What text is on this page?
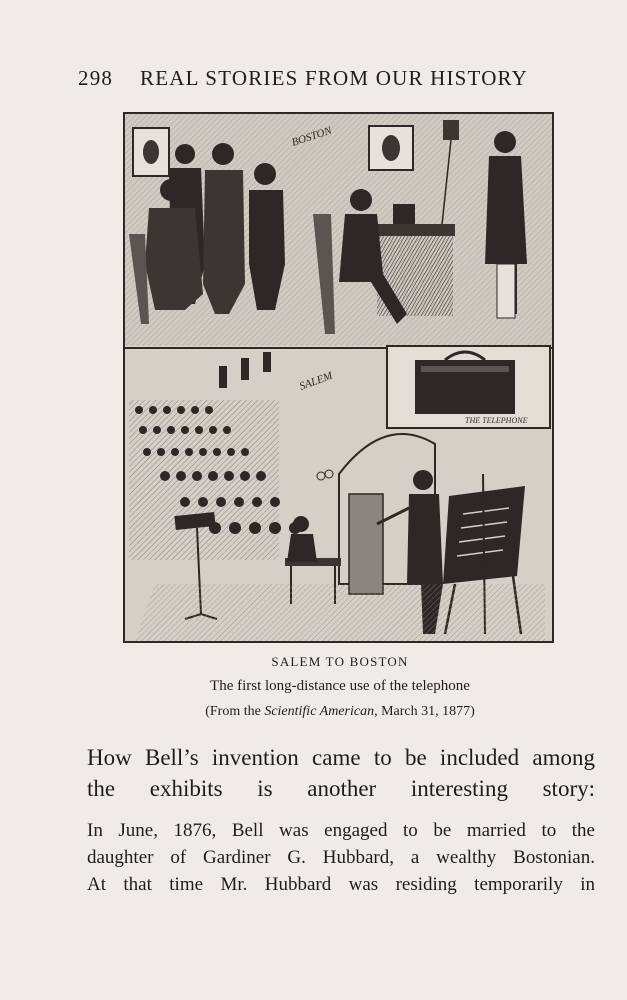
298	REAL STORIES FROM OUR HISTORY
BOSTON
SALEM
THE TELEPHONE
SALEM TO BOSTON
The first long-distance use of the telephone
(From the Scientific American, March 31, 1877)
How Bell’s invention came to be included among
the exhibits is another interesting story:
In June, 1876, Bell was engaged to be married to the
daughter of Gardiner G. Hubbard, a wealthy Bostonian.
At that time Mr. Hubbard was residing temporarily in
